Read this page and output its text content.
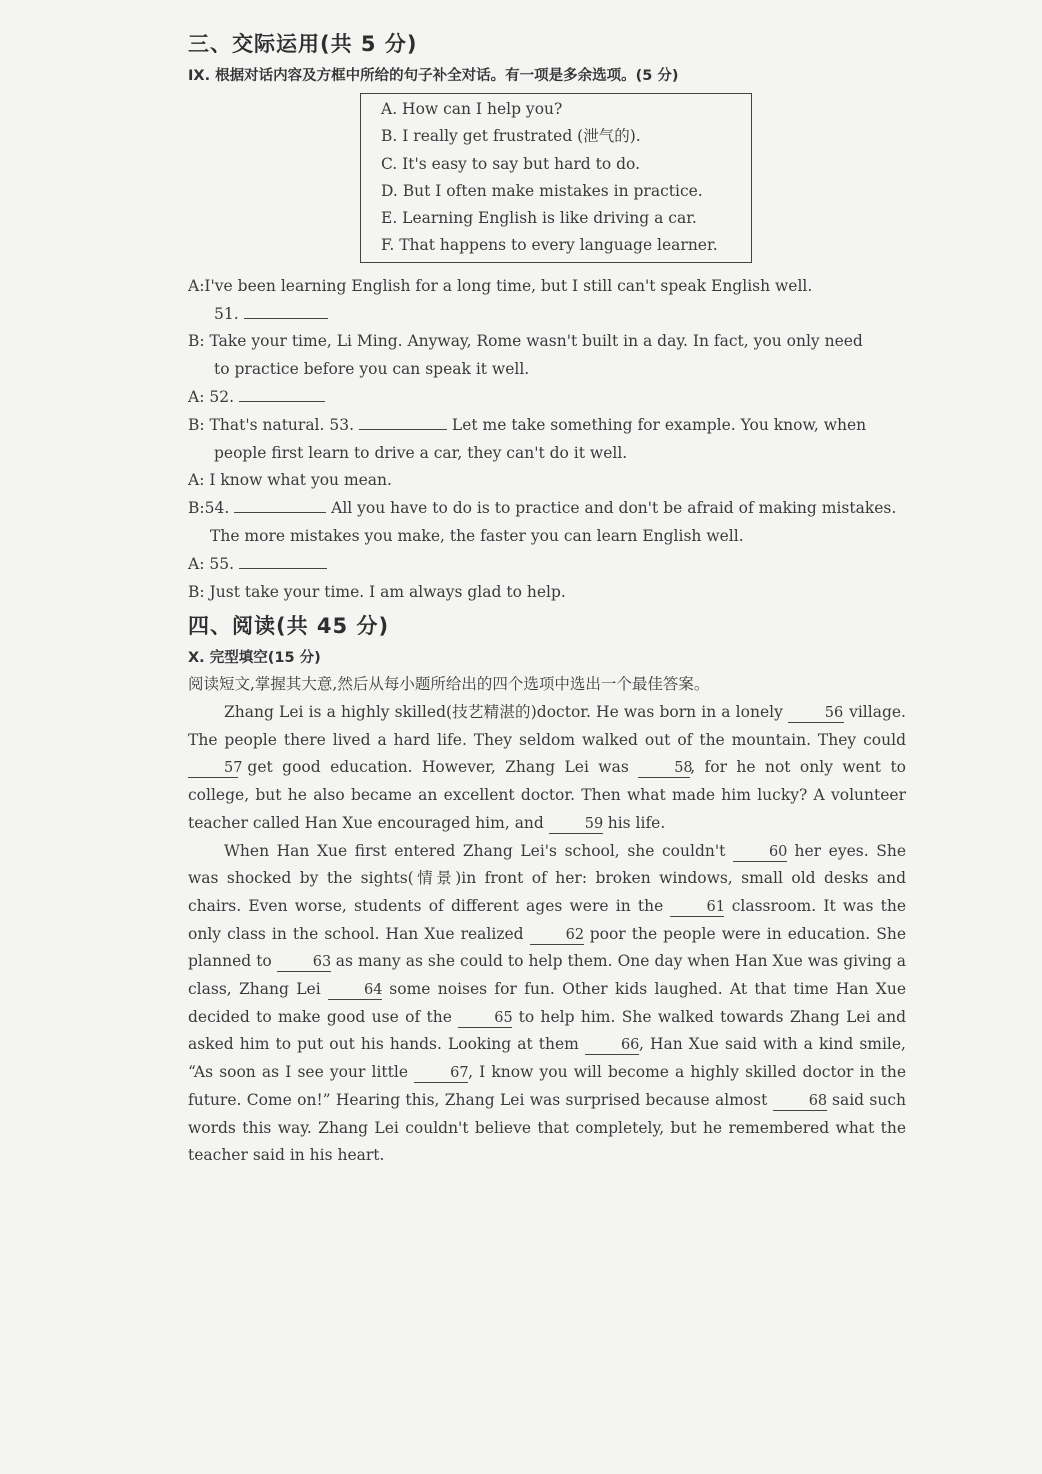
三、交际运用(共 5 分)
IX. 根据对话内容及方框中所给的句子补全对话。有一项是多余选项。(5 分)
A. How can I help you?
B. I really get frustrated (泄气的).
C. It's easy to say but hard to do.
D. But I often make mistakes in practice.
E. Learning English is like driving a car.
F. That happens to every language learner.
A:I've been learning English for a long time, but I still can't speak English well.
51.
B: Take your time, Li Ming. Anyway, Rome wasn't built in a day. In fact, you only need
to practice before you can speak it well.
A: 52.
B: That's natural. 53.	Let me take something for example. You know, when
people first learn to drive a car, they can't do it well.
A: I know what you mean.
B:54.	All you have to do is to practice and don't be afraid of making mistakes.
The more mistakes you make, the faster you can learn English well.
A: 55.
B: Just take your time. I am always glad to help.
四、阅读(共 45 分)
X. 完型填空(15 分)
阅读短文,掌握其大意,然后从每小题所给出的四个选项中选出一个最佳答案。

Zhang Lei is a highly skilled(技艺精湛的)doctor. He was born in a lonely	56 village. The people there lived a hard life. They seldom walked out of the mountain. They could 57 get good education. However, Zhang Lei was 58, for he not only went to college, but he also became an excellent doctor. Then what made him lucky? A volunteer teacher called Han Xue encouraged him, and 59 his life.

When Han Xue first entered Zhang Lei's school, she couldn't 60 her eyes. She was shocked by the sights(情景)in front of her: broken windows, small old desks and chairs. Even worse, students of different ages were in the 61 classroom. It was the only class in the school. Han Xue realized 62 poor the people were in education. She planned to 63 as many as she could to help them. One day when Han Xue was giving a class, Zhang Lei 64 some noises for fun. Other kids laughed. At that time Han Xue decided to make good use of the 65 to help him. She walked towards Zhang Lei and asked him to put out his hands. Looking at them 66, Han Xue said with a kind smile, “As soon as I see your little 67, I know you will become a highly skilled doctor in the future. Come on!” Hearing this, Zhang Lei was surprised because almost 68 said such words this way. Zhang Lei couldn't believe that completely, but he remembered what the teacher said in his heart.
